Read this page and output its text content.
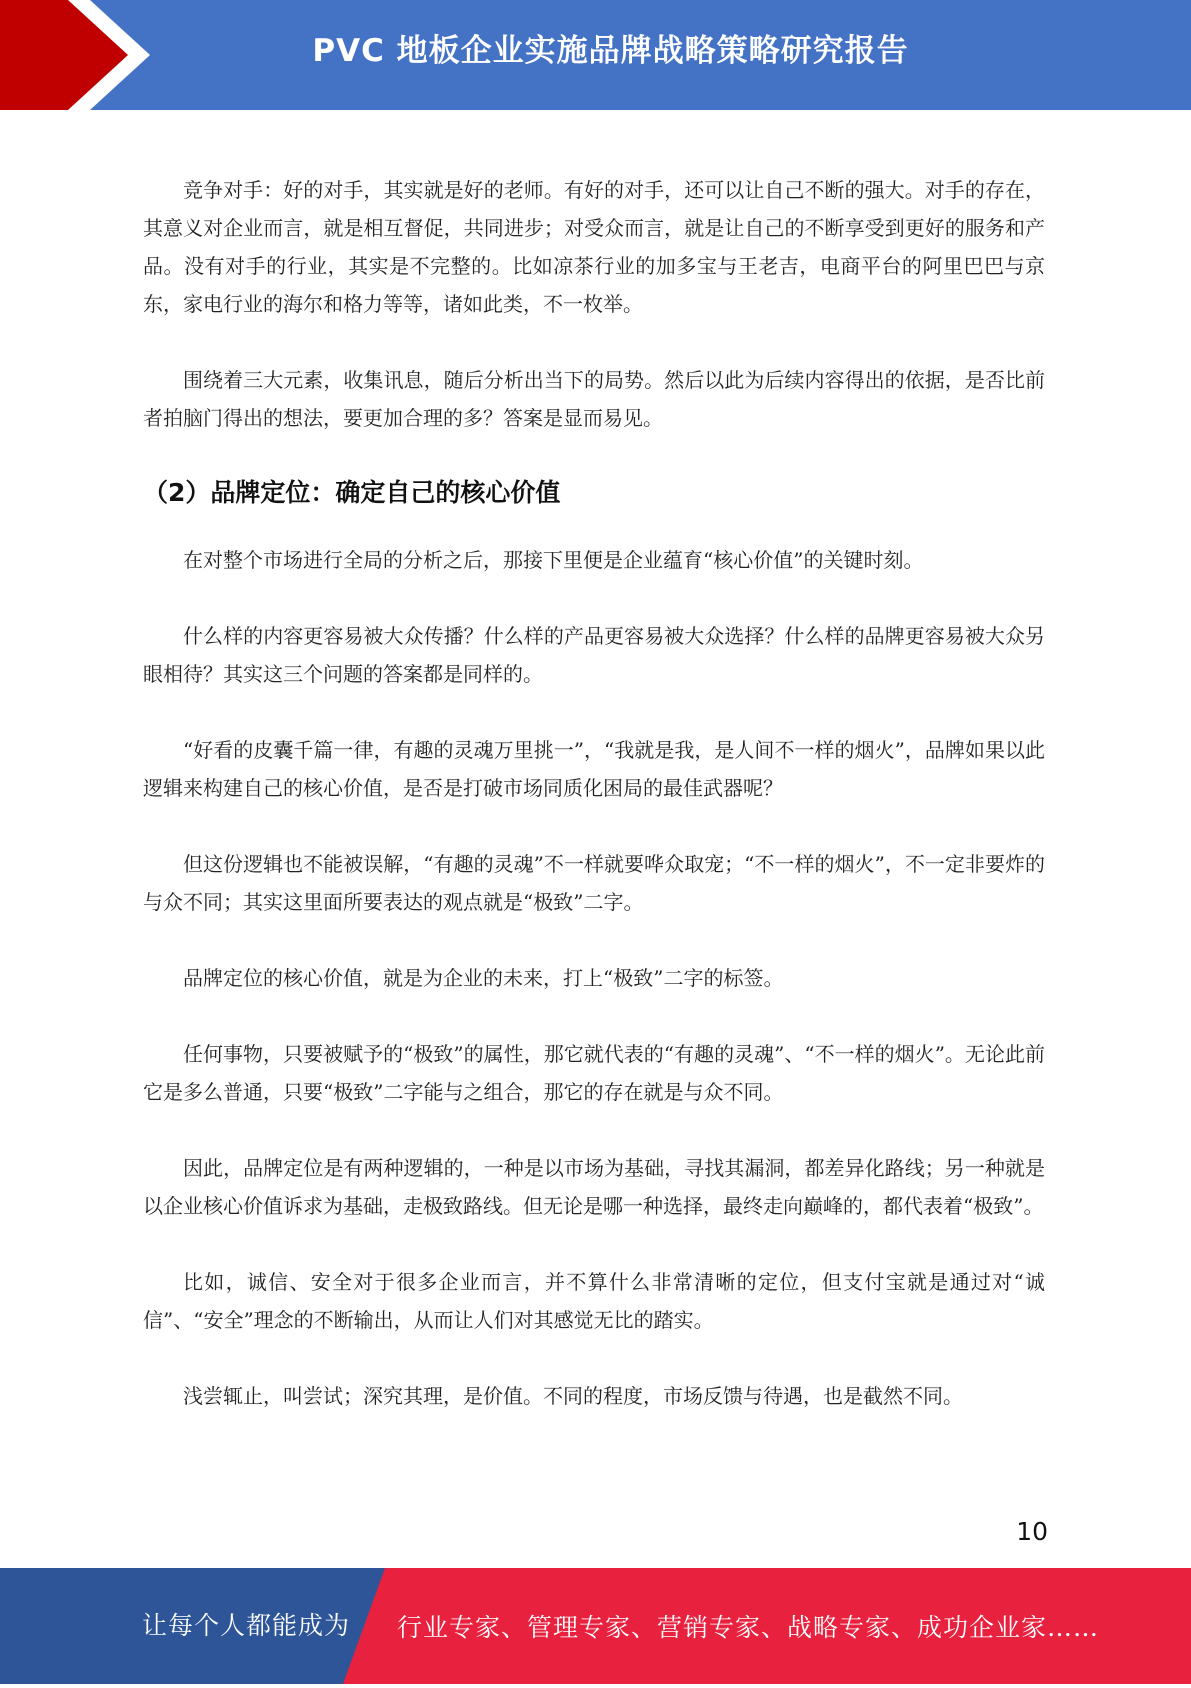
PVC 地板企业实施品牌战略策略研究报告

竞争对手：好的对手，其实就是好的老师。有好的对手，还可以让自己不断的强大。对手的存在，其意义对企业而言，就是相互督促，共同进步；对受众而言，就是让自己的不断享受到更好的服务和产品。没有对手的行业，其实是不完整的。比如凉茶行业的加多宝与王老吉，电商平台的阿里巴巴与京东，家电行业的海尔和格力等等，诸如此类，不一枚举。

围绕着三大元素，收集讯息，随后分析出当下的局势。然后以此为后续内容得出的依据，是否比前者拍脑门得出的想法，要更加合理的多？答案是显而易见。

（2）品牌定位：确定自己的核心价值

在对整个市场进行全局的分析之后，那接下里便是企业蕴育“核心价值”的关键时刻。

什么样的内容更容易被大众传播？什么样的产品更容易被大众选择？什么样的品牌更容易被大众另眼相待？其实这三个问题的答案都是同样的。

“好看的皮囊千篇一律，有趣的灵魂万里挑一”，“我就是我，是人间不一样的烟火”，品牌如果以此逻辑来构建自己的核心价值，是否是打破市场同质化困局的最佳武器呢？

但这份逻辑也不能被误解，“有趣的灵魂”不一样就要哗众取宠；“不一样的烟火”，不一定非要炸的与众不同；其实这里面所要表达的观点就是“极致”二字。

品牌定位的核心价值，就是为企业的未来，打上“极致”二字的标签。

任何事物，只要被赋予的“极致”的属性，那它就代表的“有趣的灵魂”、“不一样的烟火”。无论此前它是多么普通，只要“极致”二字能与之组合，那它的存在就是与众不同。

因此，品牌定位是有两种逻辑的，一种是以市场为基础，寻找其漏洞，都差异化路线；另一种就是以企业核心价值诉求为基础，走极致路线。但无论是哪一种选择，最终走向巅峰的，都代表着“极致”。

比如，诚信、安全对于很多企业而言，并不算什么非常清晰的定位，但支付宝就是通过对“诚信”、“安全”理念的不断输出，从而让人们对其感觉无比的踏实。

浅尝辄止，叫尝试；深究其理，是价值。不同的程度，市场反馈与待遇，也是截然不同。

10
让每个人都能成为 行业专家、管理专家、营销专家、战略专家、成功企业家……
